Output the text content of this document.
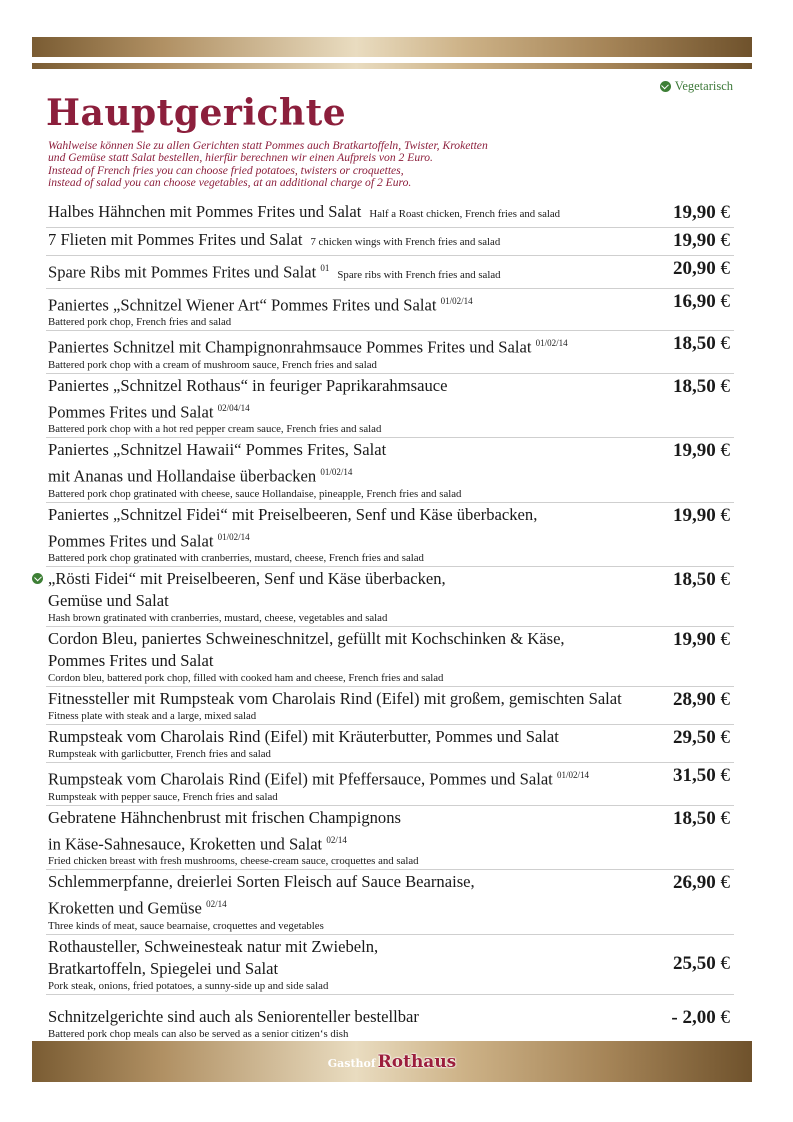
Vegetarisch
Hauptgerichte
Wahlweise können Sie zu allen Gerichten statt Pommes auch Bratkartoffeln, Twister, Kroketten
und Gemüse statt Salat bestellen, hierfür berechnen wir einen Aufpreis von 2 Euro.
Instead of French fries you can choose fried potatoes, twisters or croquettes,
instead of salad you can choose vegetables, at an additional charge of 2 Euro.
Halbes Hähnchen mit Pommes Frites und Salat Half a Roast chicken, French fries and salad	19,90 €
7 Flieten mit Pommes Frites und Salat 7 chicken wings with French fries and salad	19,90 €
Spare Ribs mit Pommes Frites und Salat $^{01}$Spare ribs with French fries and salad	20,90 €
Paniertes „Schnitzel Wiener Art“ Pommes Frites und Salat $^{01/02/14}$
Battered pork chop, French fries and salad
16,90 €
Paniertes Schnitzel mit Champignonrahmsauce Pommes Frites und Salat $^{01/02/14}$
Battered pork chop with a cream of mushroom sauce, French fries and salad
18,50 €
Paniertes „Schnitzel Rothaus“ in feuriger Paprikarahmsauce
Pommes Frites und Salat $^{02/04/14}$
Battered pork chop with a hot red pepper cream sauce, French fries and salad
18,50 €
Paniertes „Schnitzel Hawaii“ Pommes Frites, Salat
mit Ananas und Hollandaise überbacken $^{01/02/14}$
Battered pork chop gratinated with cheese, sauce Hollandaise, pineapple, French fries and salad
19,90 €
Paniertes „Schnitzel Fidei“ mit Preiselbeeren, Senf und Käse überbacken,
Pommes Frites und Salat $^{01/02/14}$
Battered pork chop gratinated with cranberries, mustard, cheese, French fries and salad
19,90 €
„Rösti Fidei“ mit Preiselbeeren, Senf und Käse überbacken,
Gemüse und Salat
Hash brown gratinated with cranberries, mustard, cheese, vegetables and salad
18,50 €
Cordon Bleu, paniertes Schweineschnitzel, gefüllt mit Kochschinken & Käse,
Pommes Frites und Salat
Cordon bleu, battered pork chop, filled with cooked ham and cheese, French fries and salad
19,90 €
Fitnessteller mit Rumpsteak vom Charolais Rind (Eifel) mit großem, gemischten Salat
Fitness plate with steak and a large, mixed salad
28,90 €
Rumpsteak vom Charolais Rind (Eifel) mit Kräuterbutter, Pommes und Salat
Rumpsteak with garlicbutter, French fries and salad
29,50 €
Rumpsteak vom Charolais Rind (Eifel) mit Pfeffersauce, Pommes und Salat $^{01/02/14}$
Rumpsteak with pepper sauce, French fries and salad
31,50 €
Gebratene Hähnchenbrust mit frischen Champignons
in Käse-Sahnesauce, Kroketten und Salat $^{02/14}$
Fried chicken breast with fresh mushrooms, cheese-cream sauce, croquettes and salad
18,50 €
Schlemmerpfanne, dreierlei Sorten Fleisch auf Sauce Bearnaise,
Kroketten und Gemüse $^{02/14}$
Three kinds of meat, sauce bearnaise, croquettes and vegetables
26,90 €
Rothausteller, Schweinesteak natur mit Zwiebeln,
Bratkartoffeln, Spiegelei und Salat
Pork steak, onions, fried potatoes, a sunny-side up and side salad
25,50 €
Schnitzelgerichte sind auch als Seniorenteller bestellbar
Battered pork chop meals can also be served as a senior citizen‘s dish
- 2,00 €
Gasthof Rothaus
